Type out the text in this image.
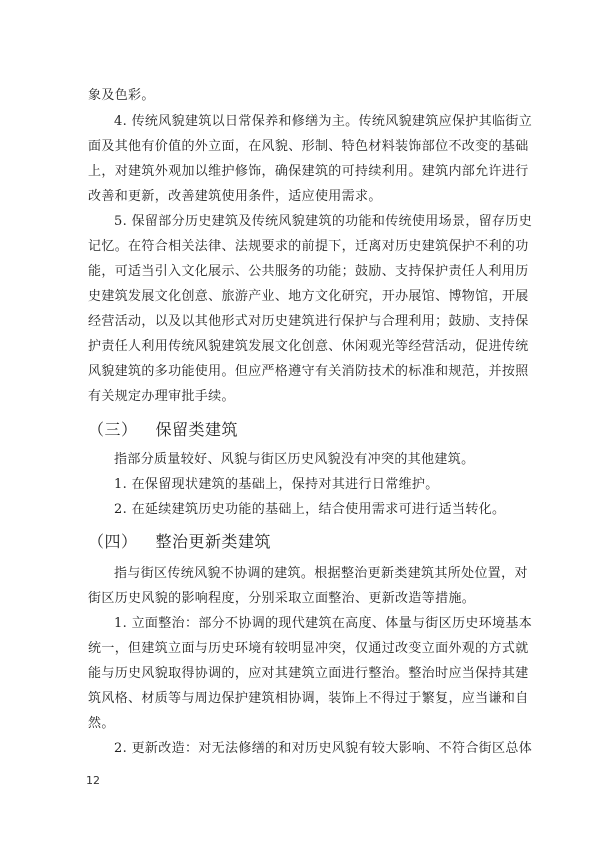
象及色彩。
4. 传统风貌建筑以日常保养和修缮为主。传统风貌建筑应保护其临街立
面及其他有价值的外立面，在风貌、形制、特色材料装饰部位不改变的基础
上，对建筑外观加以维护修饰，确保建筑的可持续利用。建筑内部允许进行
改善和更新，改善建筑使用条件，适应使用需求。
5. 保留部分历史建筑及传统风貌建筑的功能和传统使用场景，留存历史
记忆。在符合相关法律、法规要求的前提下，迁离对历史建筑保护不利的功
能，可适当引入文化展示、公共服务的功能；鼓励、支持保护责任人利用历
史建筑发展文化创意、旅游产业、地方文化研究，开办展馆、博物馆，开展
经营活动，以及以其他形式对历史建筑进行保护与合理利用；鼓励、支持保
护责任人利用传统风貌建筑发展文化创意、休闲观光等经营活动，促进传统
风貌建筑的多功能使用。但应严格遵守有关消防技术的标准和规范，并按照
有关规定办理审批手续。
（三） 保留类建筑
指部分质量较好、风貌与街区历史风貌没有冲突的其他建筑。
1. 在保留现状建筑的基础上，保持对其进行日常维护。
2. 在延续建筑历史功能的基础上，结合使用需求可进行适当转化。
（四） 整治更新类建筑
指与街区传统风貌不协调的建筑。根据整治更新类建筑其所处位置，对
街区历史风貌的影响程度，分别采取立面整治、更新改造等措施。
1. 立面整治：部分不协调的现代建筑在高度、体量与街区历史环境基本
统一，但建筑立面与历史环境有较明显冲突，仅通过改变立面外观的方式就
能与历史风貌取得协调的，应对其建筑立面进行整治。整治时应当保持其建
筑风格、材质等与周边保护建筑相协调，装饰上不得过于繁复，应当谦和自
然。
2. 更新改造：对无法修缮的和对历史风貌有较大影响、不符合街区总体
12
